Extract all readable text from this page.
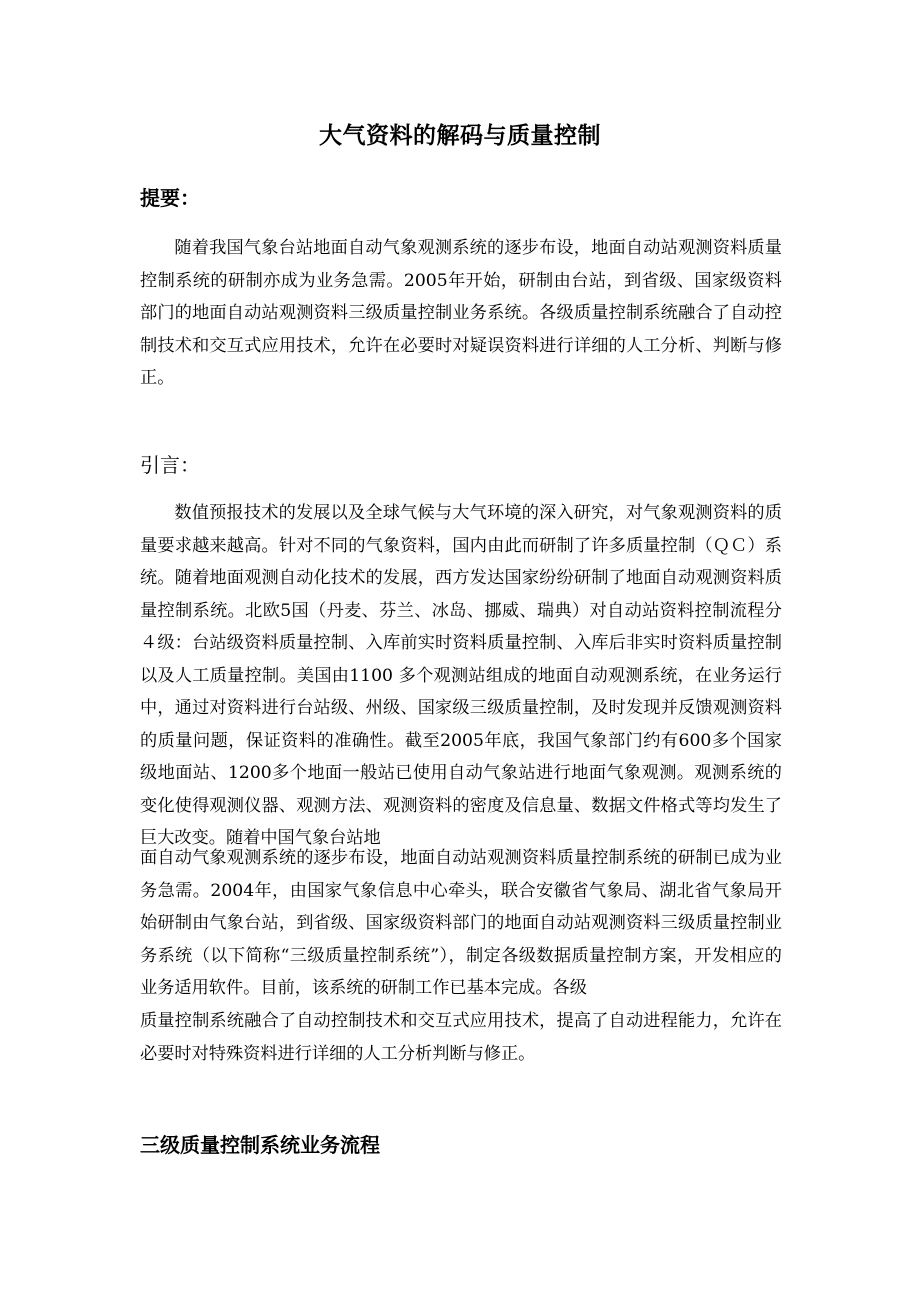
大气资料的解码与质量控制
提要：

随着我国气象台站地面自动气象观测系统的逐步布设，地面自动站观测资料质量控制系统的研制亦成为业务急需。2005年开始，研制由台站，到省级、国家级资料部门的地面自动站观测资料三级质量控制业务系统。各级质量控制系统融合了自动控制技术和交互式应用技术，允许在必要时对疑误资料进行详细的人工分析、判断与修正。

引言：

数值预报技术的发展以及全球气候与大气环境的深入研究，对气象观测资料的质量要求越来越高。针对不同的气象资料，国内由此而研制了许多质量控制（ＱＣ）系统。随着地面观测自动化技术的发展，西方发达国家纷纷研制了地面自动观测资料质量控制系统。北欧5国（丹麦、芬兰、冰岛、挪威、瑞典）对自动站资料控制流程分４级：台站级资料质量控制、入库前实时资料质量控制、入库后非实时资料质量控制以及人工质量控制。美国由1100 多个观测站组成的地面自动观测系统，在业务运行中，通过对资料进行台站级、州级、国家级三级质量控制，及时发现并反馈观测资料的质量问题，保证资料的准确性。截至2005年底，我国气象部门约有600多个国家级地面站、1200多个地面一般站已使用自动气象站进行地面气象观测。观测系统的变化使得观测仪器、观测方法、观测资料的密度及信息量、数据文件格式等均发生了巨大改变。随着中国气象台站地

面自动气象观测系统的逐步布设，地面自动站观测资料质量控制系统的研制已成为业务急需。2004年，由国家气象信息中心牵头，联合安徽省气象局、湖北省气象局开始研制由气象台站，到省级、国家级资料部门的地面自动站观测资料三级质量控制业务系统（以下简称“三级质量控制系统”），制定各级数据质量控制方案，开发相应的业务适用软件。目前，该系统的研制工作已基本完成。各级

质量控制系统融合了自动控制技术和交互式应用技术，提高了自动进程能力，允许在必要时对特殊资料进行详细的人工分析判断与修正。

三级质量控制系统业务流程
